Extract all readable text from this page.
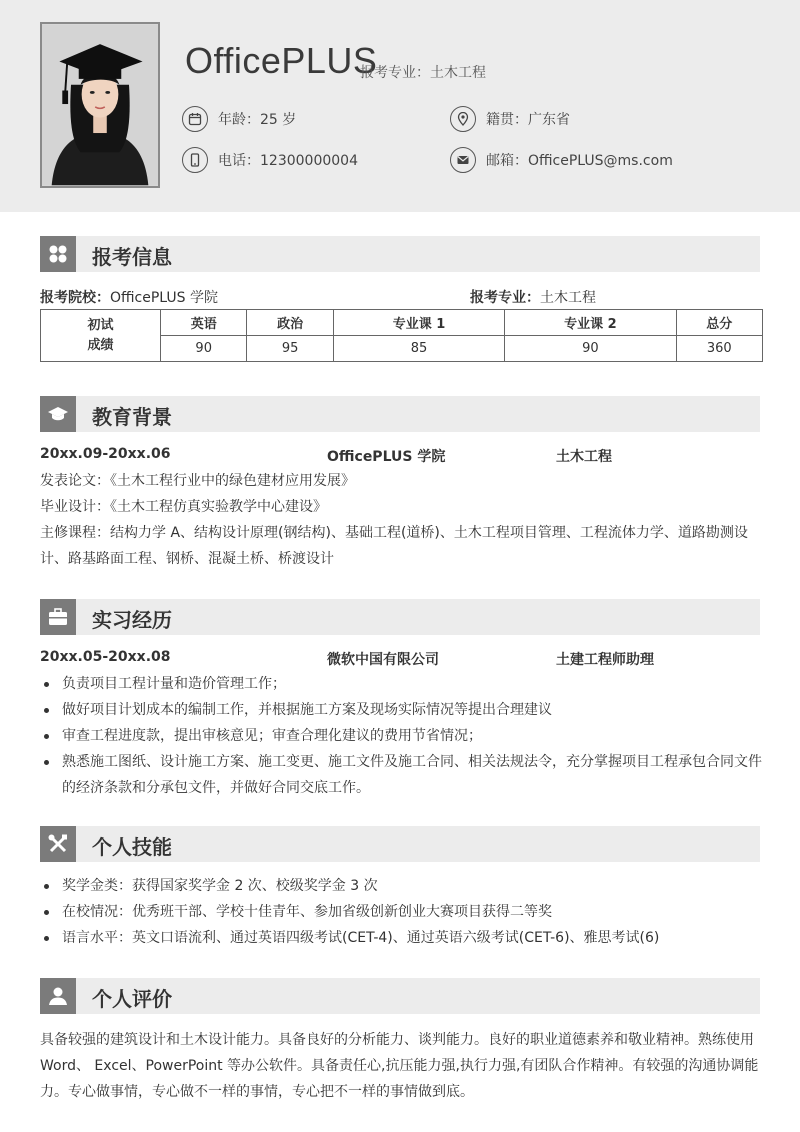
OfficePLUS
报考专业：土木工程
年龄：25 岁	籍贯：广东省
电话：12300000004	邮箱：OfficePLUS@ms.com
报考信息
报考院校：OfficePLUS 学院	报考专业：土木工程
初试
成绩	英语	政治	专业课 1	专业课 2	总分
	90	95	85	90	360
教育背景
20xx.09-20xx.06	OfficePLUS 学院	土木工程
发表论文：《土木工程行业中的绿色建材应用发展》
毕业设计：《土木工程仿真实验教学中心建设》
主修课程：结构力学 A、结构设计原理(钢结构)、基础工程(道桥)、土木工程项目管理、工程流体力学、道路勘测设计、路基路面工程、钢桥、混凝土桥、桥渡设计
实习经历
20xx.05-20xx.08	微软中国有限公司	土建工程师助理
负责项目工程计量和造价管理工作；
做好项目计划成本的编制工作，并根据施工方案及现场实际情况等提出合理建议
审查工程进度款，提出审核意见；审查合理化建议的费用节省情况；
熟悉施工图纸、设计施工方案、施工变更、施工文件及施工合同、相关法规法令，充分掌握项目工程承包合同文件的经济条款和分承包文件，并做好合同交底工作。
个人技能
奖学金类：获得国家奖学金 2 次、校级奖学金 3 次
在校情况：优秀班干部、学校十佳青年、参加省级创新创业大赛项目获得二等奖
语言水平：英文口语流利、通过英语四级考试(CET-4)、通过英语六级考试(CET-6)、雅思考试(6)
个人评价
具备较强的建筑设计和土木设计能力。具备良好的分析能力、谈判能力。良好的职业道德素养和敬业精神。熟练使用 Word、 Excel、PowerPoint 等办公软件。具备责任心,抗压能力强,执行力强,有团队合作精神。有较强的沟通协调能力。专心做事情，专心做不一样的事情，专心把不一样的事情做到底。
